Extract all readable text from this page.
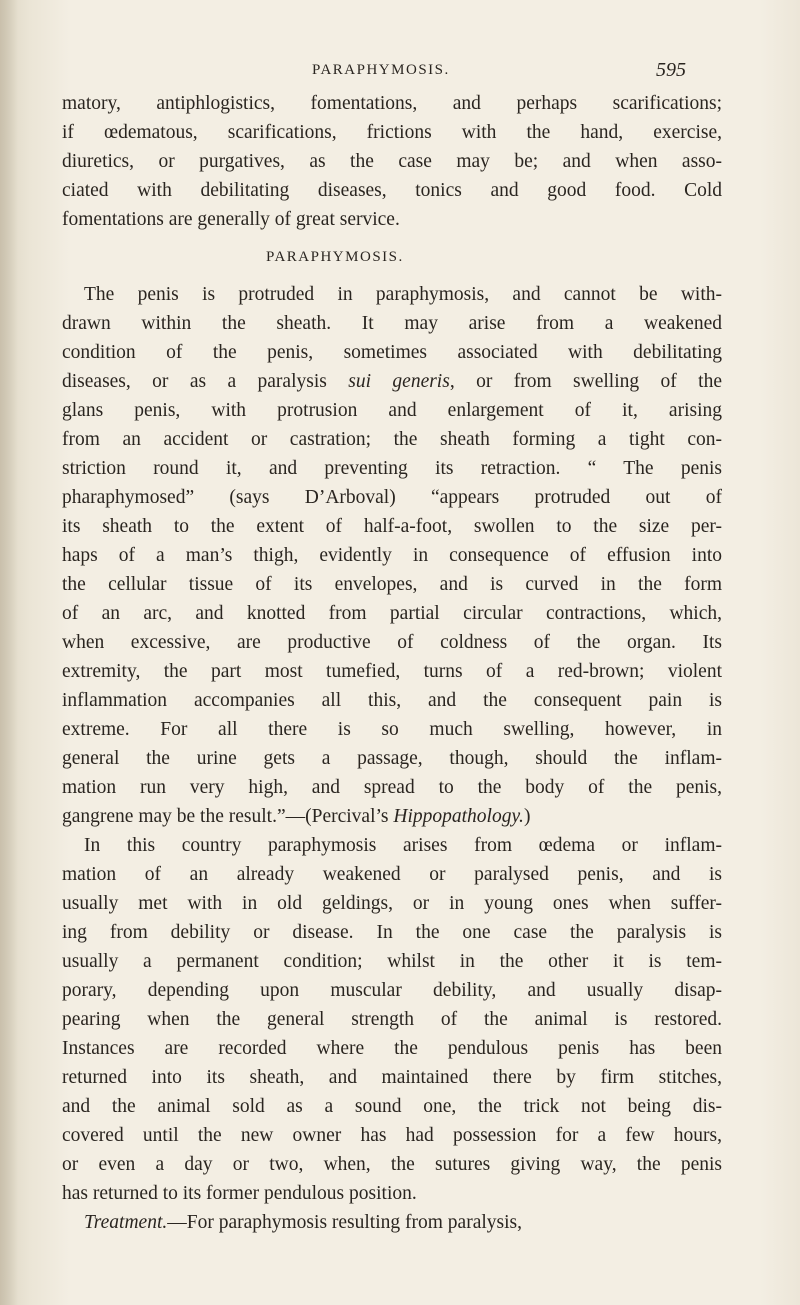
PARAPHYMOSIS.	595
matory, antiphlogistics, fomentations, and perhaps scarifications;
if œdematous, scarifications, frictions with the hand, exercise,
diuretics, or purgatives, as the case may be; and when asso-
ciated with debilitating diseases, tonics and good food. Cold
fomentations are generally of great service.
PARAPHYMOSIS.
The penis is protruded in paraphymosis, and cannot be with-
drawn within the sheath. It may arise from a weakened
condition of the penis, sometimes associated with debilitating
diseases, or as a paralysis sui generis, or from swelling of the
glans penis, with protrusion and enlargement of it, arising
from an accident or castration; the sheath forming a tight con-
striction round it, and preventing its retraction. “ The penis
pharaphymosed” (says D’Arboval) “appears protruded out of
its sheath to the extent of half-a-foot, swollen to the size per-
haps of a man’s thigh, evidently in consequence of effusion into
the cellular tissue of its envelopes, and is curved in the form
of an arc, and knotted from partial circular contractions, which,
when excessive, are productive of coldness of the organ. Its
extremity, the part most tumefied, turns of a red-brown; violent
inflammation accompanies all this, and the consequent pain is
extreme. For all there is so much swelling, however, in
general the urine gets a passage, though, should the inflam-
mation run very high, and spread to the body of the penis,
gangrene may be the result.”—(Percival’s Hippopathology.)
In this country paraphymosis arises from œdema or inflam-
mation of an already weakened or paralysed penis, and is
usually met with in old geldings, or in young ones when suffer-
ing from debility or disease. In the one case the paralysis is
usually a permanent condition; whilst in the other it is tem-
porary, depending upon muscular debility, and usually disap-
pearing when the general strength of the animal is restored.
Instances are recorded where the pendulous penis has been
returned into its sheath, and maintained there by firm stitches,
and the animal sold as a sound one, the trick not being dis-
covered until the new owner has had possession for a few hours,
or even a day or two, when, the sutures giving way, the penis
has returned to its former pendulous position.
Treatment.—For paraphymosis resulting from paralysis,
